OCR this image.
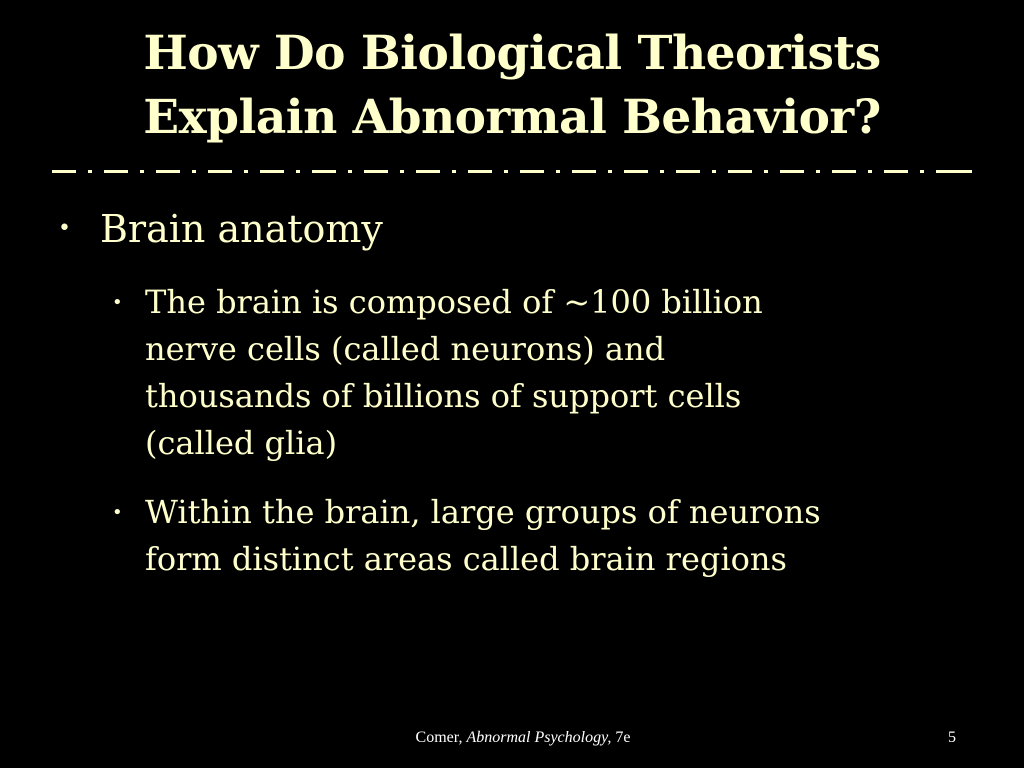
How Do Biological Theorists
Explain Abnormal Behavior?
• Brain anatomy
• The brain is composed of ~100 billion
nerve cells (called neurons) and
thousands of billions of support cells
(called glia)
• Within the brain, large groups of neurons
form distinct areas called brain regions
Comer, Abnormal Psychology, 7e	5
